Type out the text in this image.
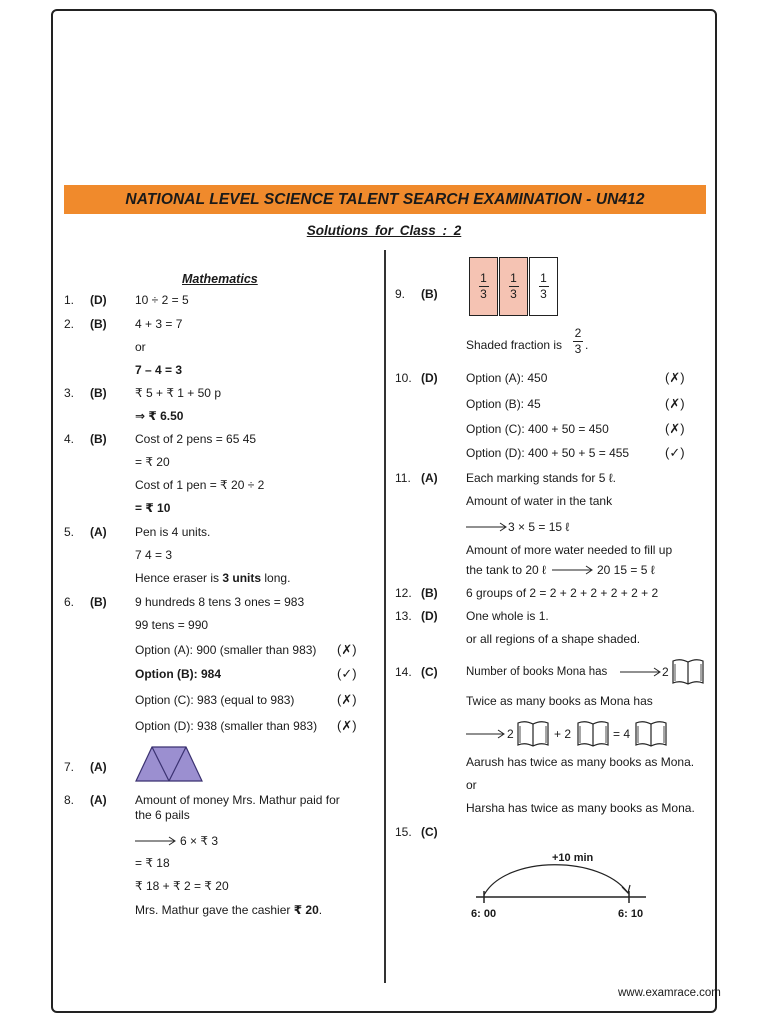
NATIONAL LEVEL SCIENCE TALENT SEARCH EXAMINATION - UN412
Solutions for Class : 2
Mathematics
1. (D) 10 ÷ 2 = 5
2. (B) 4 + 3 = 7
or
7 – 4 = 3
3. (B) ₹ 5 + ₹ 1 + 50 p
⇒ ₹ 6.50
4. (B) Cost of 2 pens = 65 45
= ₹ 20
Cost of 1 pen = ₹ 20 ÷ 2
= ₹ 10
5. (A) Pen is 4 units.
7 4 = 3
Hence eraser is 3 units long.
6. (B) 9 hundreds 8 tens 3 ones = 983
99 tens = 990
Option (A): 900 (smaller than 983) (✗)
Option (B): 984	(✓)
Option (C): 983 (equal to 983)	(✗)
Option (D): 938 (smaller than 983) (✗)
7. (A)
8. (A) Amount of money Mrs. Mathur paid for
the 6 pails
6 × ₹ 3
= ₹ 18
₹ 18 + ₹ 2 = ₹ 20
Mrs. Mathur gave the cashier ₹ 20.
9. (B)
1
3
1
3
1
3
Shaded fraction is
2
3 .
10. (D) Option (A): 450	(✗)
Option (B): 45	(✗)
Option (C): 400 + 50 = 450	(✗)
Option (D): 400 + 50 + 5 = 455	(✓)
11. (A) Each marking stands for 5 ℓ.
Amount of water in the tank
3 × 5 = 15 ℓ
Amount of more water needed to fill up
the tank to 20 ℓ	20 15 = 5 ℓ
12. (B) 6 groups of 2 = 2 + 2 + 2 + 2 + 2 + 2
13. (D) One whole is 1.
or all regions of a shape shaded.
14. (C) Number of books Mona has	2
Twice as many books as Mona has
2	+ 2	= 4
Aarush has twice as many books as Mona.
or
Harsha has twice as many books as Mona.
15. (C)
+10 min
6: 00	6: 10
www.examrace.com
